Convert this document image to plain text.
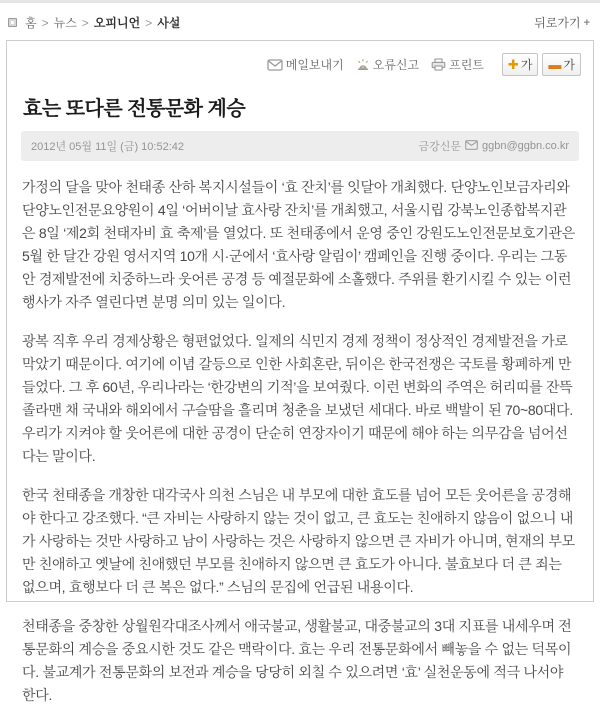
홈 > 뉴스 > 오피니언 > 사설	뒤로가기 +
메일보내기 오류신고	프린트 ✚ 가 ▬ 가
효는 또다른 전통문화 계승
2012년 05월 11일 (금) 10:52:42	금강신문 ggbn@ggbn.co.kr

가정의 달을 맞아 천태종 산하 복지시설들이 ‘효 잔치’를 잇달아 개최했다. 단양노인보금자리와 단양노인전문요양원이 4일 ‘어버이날 효사랑 잔치’를 개최했고, 서울시립 강북노인종합복지관은 8일 ‘제2회 천태자비 효 축제’를 열었다. 또 천태종에서 운영 중인 강원도노인전문보호기관은 5월 한 달간 강원 영서지역 10개 시·군에서 ‘효사랑 알림이’ 캠페인을 진행 중이다. 우리는 그동안 경제발전에 치중하느라 웃어른 공경 등 예절문화에 소홀했다. 주위를 환기시킬 수 있는 이런 행사가 자주 열린다면 분명 의미 있는 일이다.

광복 직후 우리 경제상황은 형편없었다. 일제의 식민지 경제 정책이 정상적인 경제발전을 가로막았기 때문이다. 여기에 이념 갈등으로 인한 사회혼란, 뒤이은 한국전쟁은 국토를 황폐하게 만들었다. 그 후 60년, 우리나라는 ‘한강변의 기적’을 보여줬다. 이런 변화의 주역은 허리띠를 잔뜩 졸라맨 채 국내와 해외에서 구슬땀을 흘리며 청춘을 보냈던 세대다. 바로 백발이 된 70~80대다. 우리가 지켜야 할 웃어른에 대한 공경이 단순히 연장자이기 때문에 해야 하는 의무감을 넘어선다는 말이다.

한국 천태종을 개창한 대각국사 의천 스님은 내 부모에 대한 효도를 넘어 모든 웃어른을 공경해야 한다고 강조했다. “큰 자비는 사랑하지 않는 것이 없고, 큰 효도는 친애하지 않음이 없으니 내가 사랑하는 것만 사랑하고 남이 사랑하는 것은 사랑하지 않으면 큰 자비가 아니며, 현재의 부모만 친애하고 옛날에 친애했던 부모를 친애하지 않으면 큰 효도가 아니다. 불효보다 더 큰 죄는 없으며, 효행보다 더 큰 복은 없다.” 스님의 문집에 언급된 내용이다.

천태종을 중창한 상월원각대조사께서 애국불교, 생활불교, 대중불교의 3대 지표를 내세우며 전통문화의 계승을 중요시한 것도 같은 맥락이다. 효는 우리 전통문화에서 빼놓을 수 없는 덕목이다. 불교계가 전통문화의 보전과 계승을 당당히 외칠 수 있으려면 ‘효’ 실천운동에 적극 나서야 한다.
